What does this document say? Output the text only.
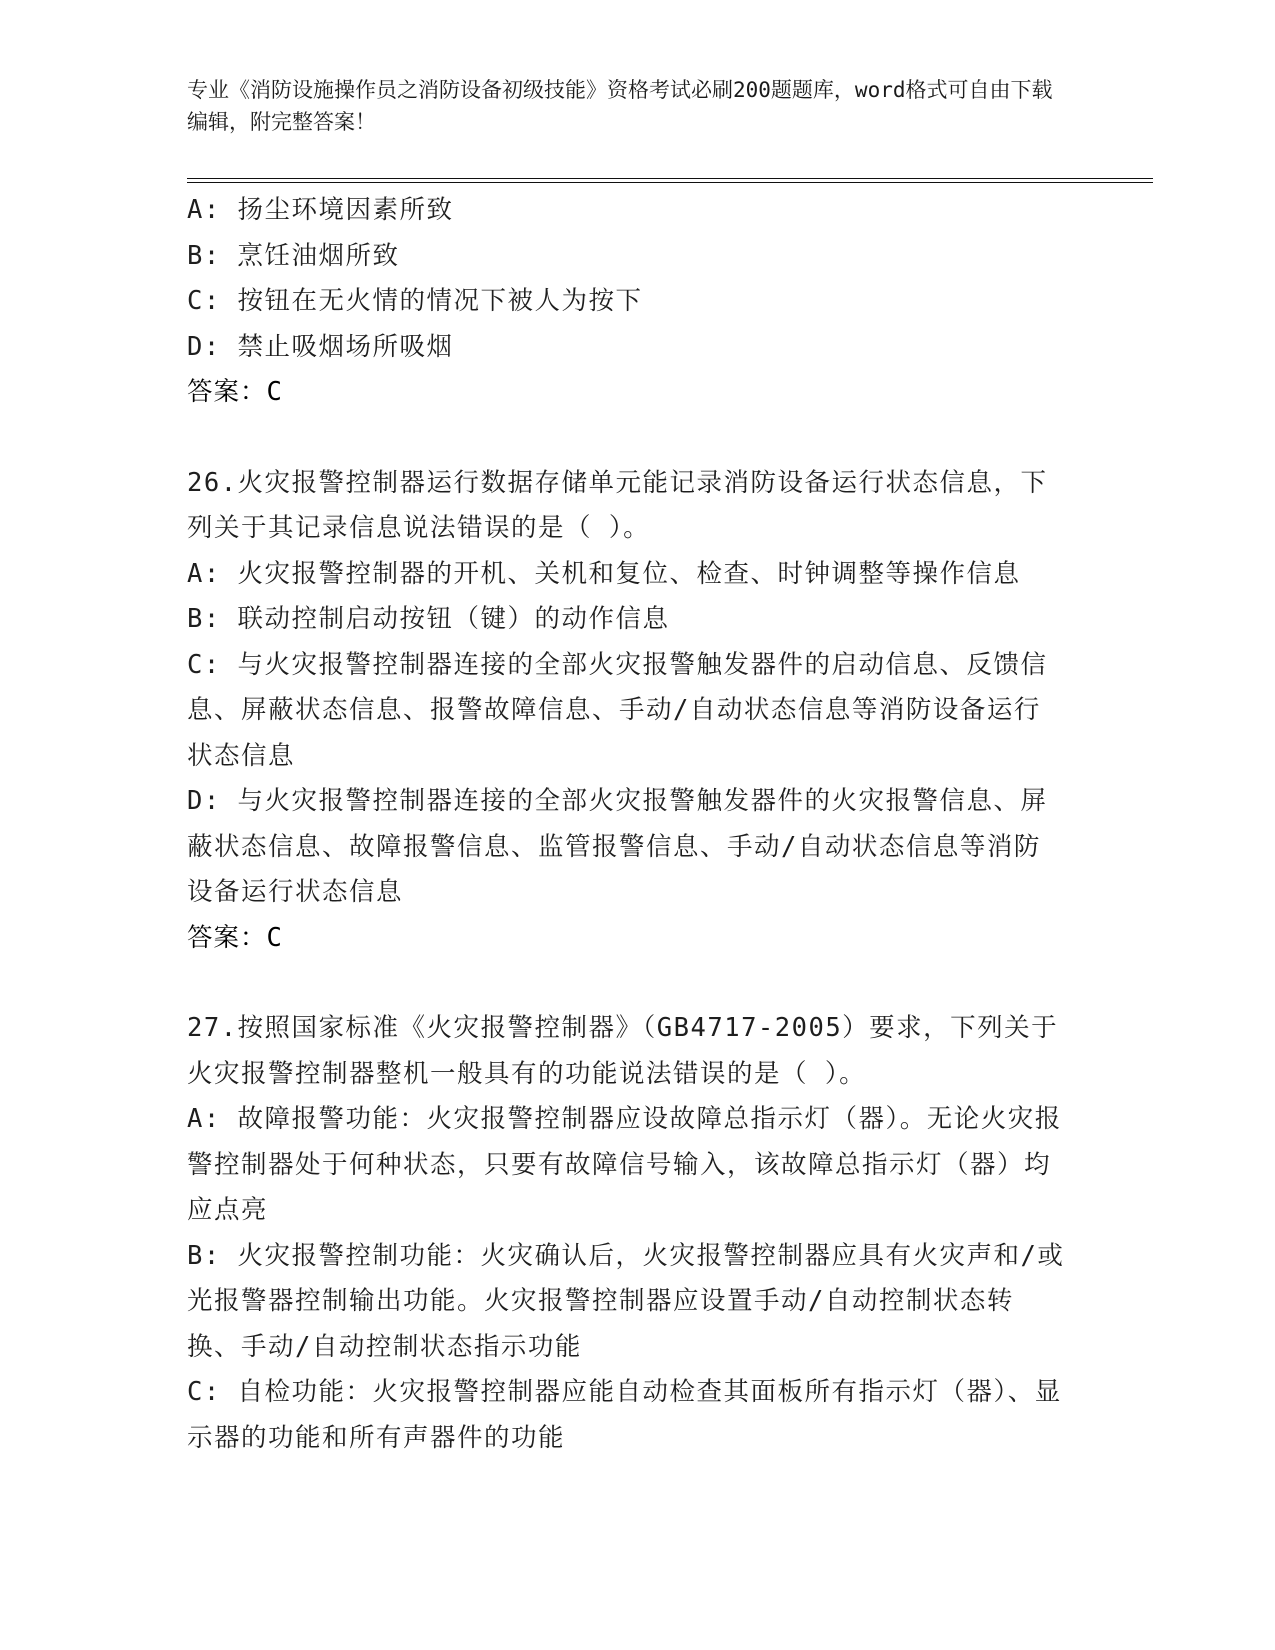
专业《消防设施操作员之消防设备初级技能》资格考试必刷200题题库，word格式可自由下载编辑，附完整答案！

A: 扬尘环境因素所致

B: 烹饪油烟所致

C: 按钮在无火情的情况下被人为按下

D: 禁止吸烟场所吸烟

答案：C

26.火灾报警控制器运行数据存储单元能记录消防设备运行状态信息，下列关于其记录信息说法错误的是（ ）。

A: 火灾报警控制器的开机、关机和复位、检查、时钟调整等操作信息

B: 联动控制启动按钮（键）的动作信息

C: 与火灾报警控制器连接的全部火灾报警触发器件的启动信息、反馈信息、屏蔽状态信息、报警故障信息、手动/自动状态信息等消防设备运行状态信息

D: 与火灾报警控制器连接的全部火灾报警触发器件的火灾报警信息、屏蔽状态信息、故障报警信息、监管报警信息、手动/自动状态信息等消防设备运行状态信息

答案：C

27.按照国家标准《火灾报警控制器》（GB4717-2005）要求，下列关于火灾报警控制器整机一般具有的功能说法错误的是（ ）。

A: 故障报警功能：火灾报警控制器应设故障总指示灯（器）。无论火灾报警控制器处于何种状态，只要有故障信号输入，该故障总指示灯（器）均应点亮

B: 火灾报警控制功能：火灾确认后，火灾报警控制器应具有火灾声和/或光报警器控制输出功能。火灾报警控制器应设置手动/自动控制状态转换、手动/自动控制状态指示功能

C: 自检功能：火灾报警控制器应能自动检查其面板所有指示灯（器）、显示器的功能和所有声器件的功能
